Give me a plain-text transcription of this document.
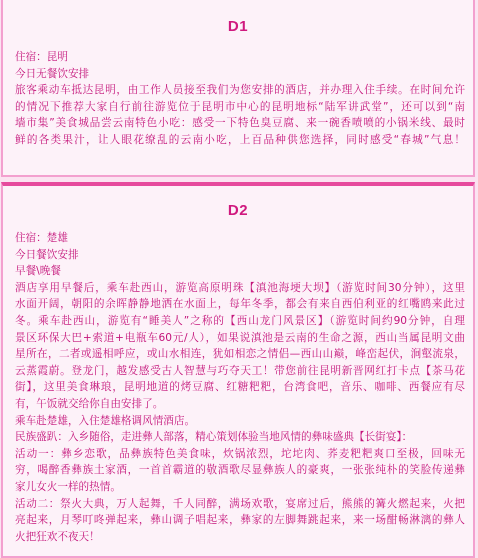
D1
住宿：昆明
今日无餐饮安排
旅客乘动车抵达昆明，由工作人员接至我们为您安排的酒店，并办理入住手续。在时间允许
的情况下推荐大家自行前往游览位于昆明市中心的昆明地标“陆军讲武堂”，还可以到“南
墙市集”美食城品尝云南特色小吃：感受一下特色臭豆腐、来一碗香喷喷的小锅米线、最时
鲜的各类果汁，让人眼花缭乱的云南小吃，上百品种供您选择，同时感受“春城”气息！
D2
住宿：楚雄
今日餐饮安排
早餐\晚餐
酒店享用早餐后，乘车赴西山，游览高原明珠【滇池海埂大坝】（游览时间30分钟），这里
水面开阔，朝阳的余晖静静地洒在水面上，每年冬季，都会有来自西伯利亚的红嘴鸥来此过
冬。乘车赴西山，游览有“睡美人”之称的【西山龙门风景区】（游览时间约90分钟，自理
景区环保大巴+索道+电瓶车60元/人），如果说滇池是云南的生命之源，西山当属昆明文曲
星所在，二者或遥相呼应，或山水相连，犹如相恋之情侣—西山山巅，峰峦起伏，涧壑流泉，
云蒸霞蔚。登龙门，越发感受古人智慧与巧夺天工！带您前往昆明新晋网红打卡点【茶马花
街】，这里美食琳琅，昆明地道的烤豆腐、红糖粑粑，台湾食吧，音乐、咖啡、西餐应有尽
有，午饭就交给你自由安排了。
乘车赴楚雄，入住楚雄格调风情酒店。
民族盛趴：入乡随俗，走进彝人部落，精心策划体验当地风情的彝味盛典【长街宴】：
活动一：彝乡恋歌，品彝族特色美食味，炊锅浓烈，坨坨肉、荞麦粑粑爽口至极，回味无
穷，喝醉香彝族土家酒，一首首霸道的敬酒歌尽显彝族人的豪爽，一张张纯朴的笑脸传递彝
家儿女火一样的热情。
活动二：祭火大典，万人起舞，千人同醉，满场欢歌，宴席过后，熊熊的篝火燃起来，火把
亮起来，月琴叮咚弹起来，彝山调子唱起来，彝家的左脚舞跳起来，来一场酣畅淋漓的彝人
火把狂欢不夜天！
